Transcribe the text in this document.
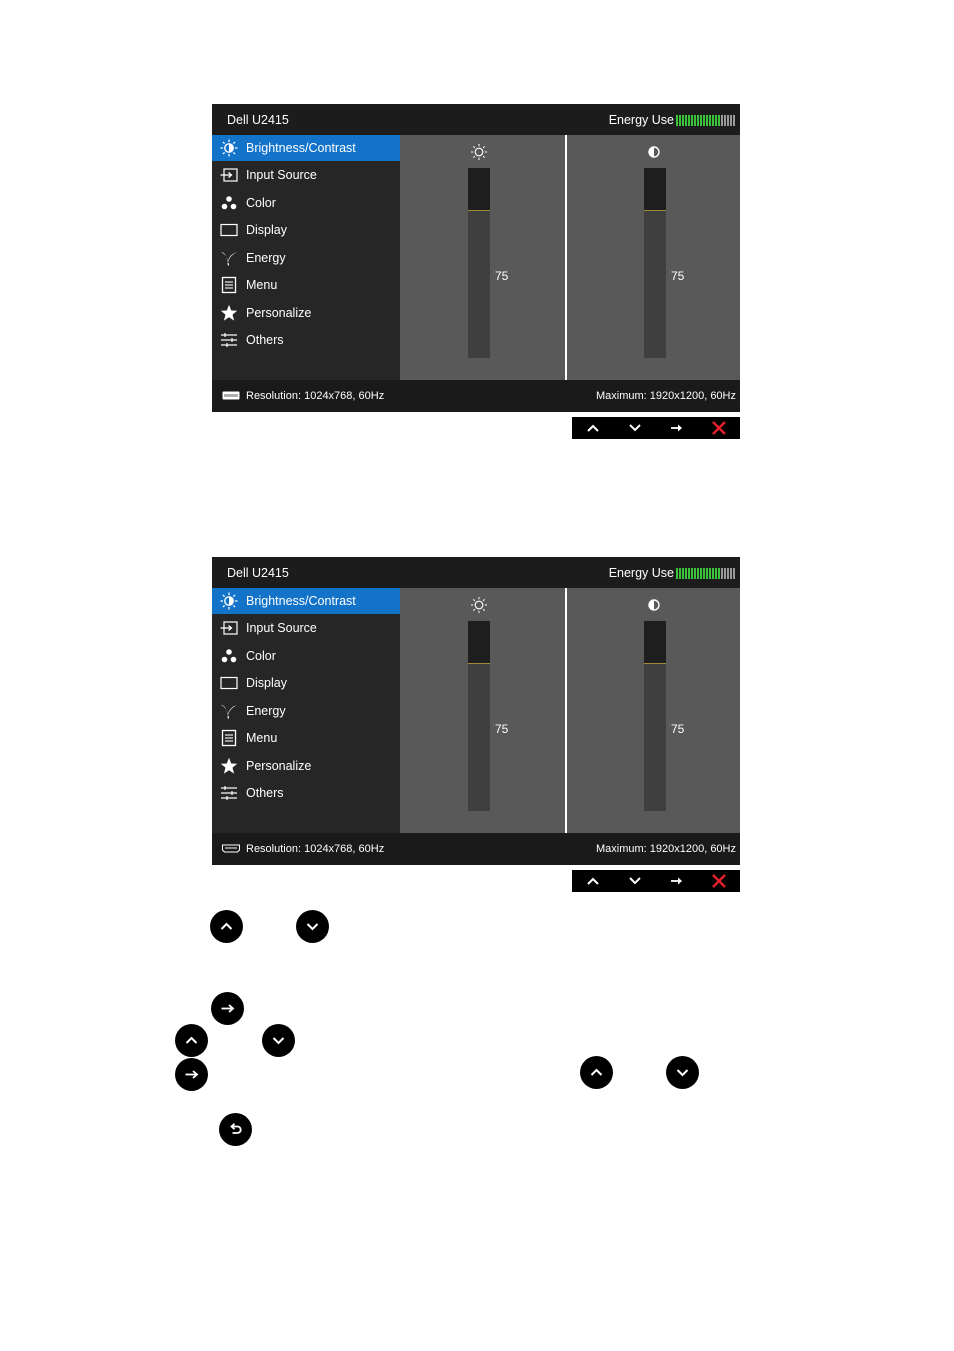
Dell U2415	Energy Use
Brightness/Contrast
Input Source
Color
Display
Energy
Menu
Personalize
Others
75	75
Resolution: 1024x768, 60Hz	Maximum: 1920x1200, 60Hz
Dell U2415	Energy Use
Brightness/Contrast
Input Source
Color
Display
Energy
Menu
Personalize
Others
75	75
Resolution: 1024x768, 60Hz	Maximum: 1920x1200, 60Hz
